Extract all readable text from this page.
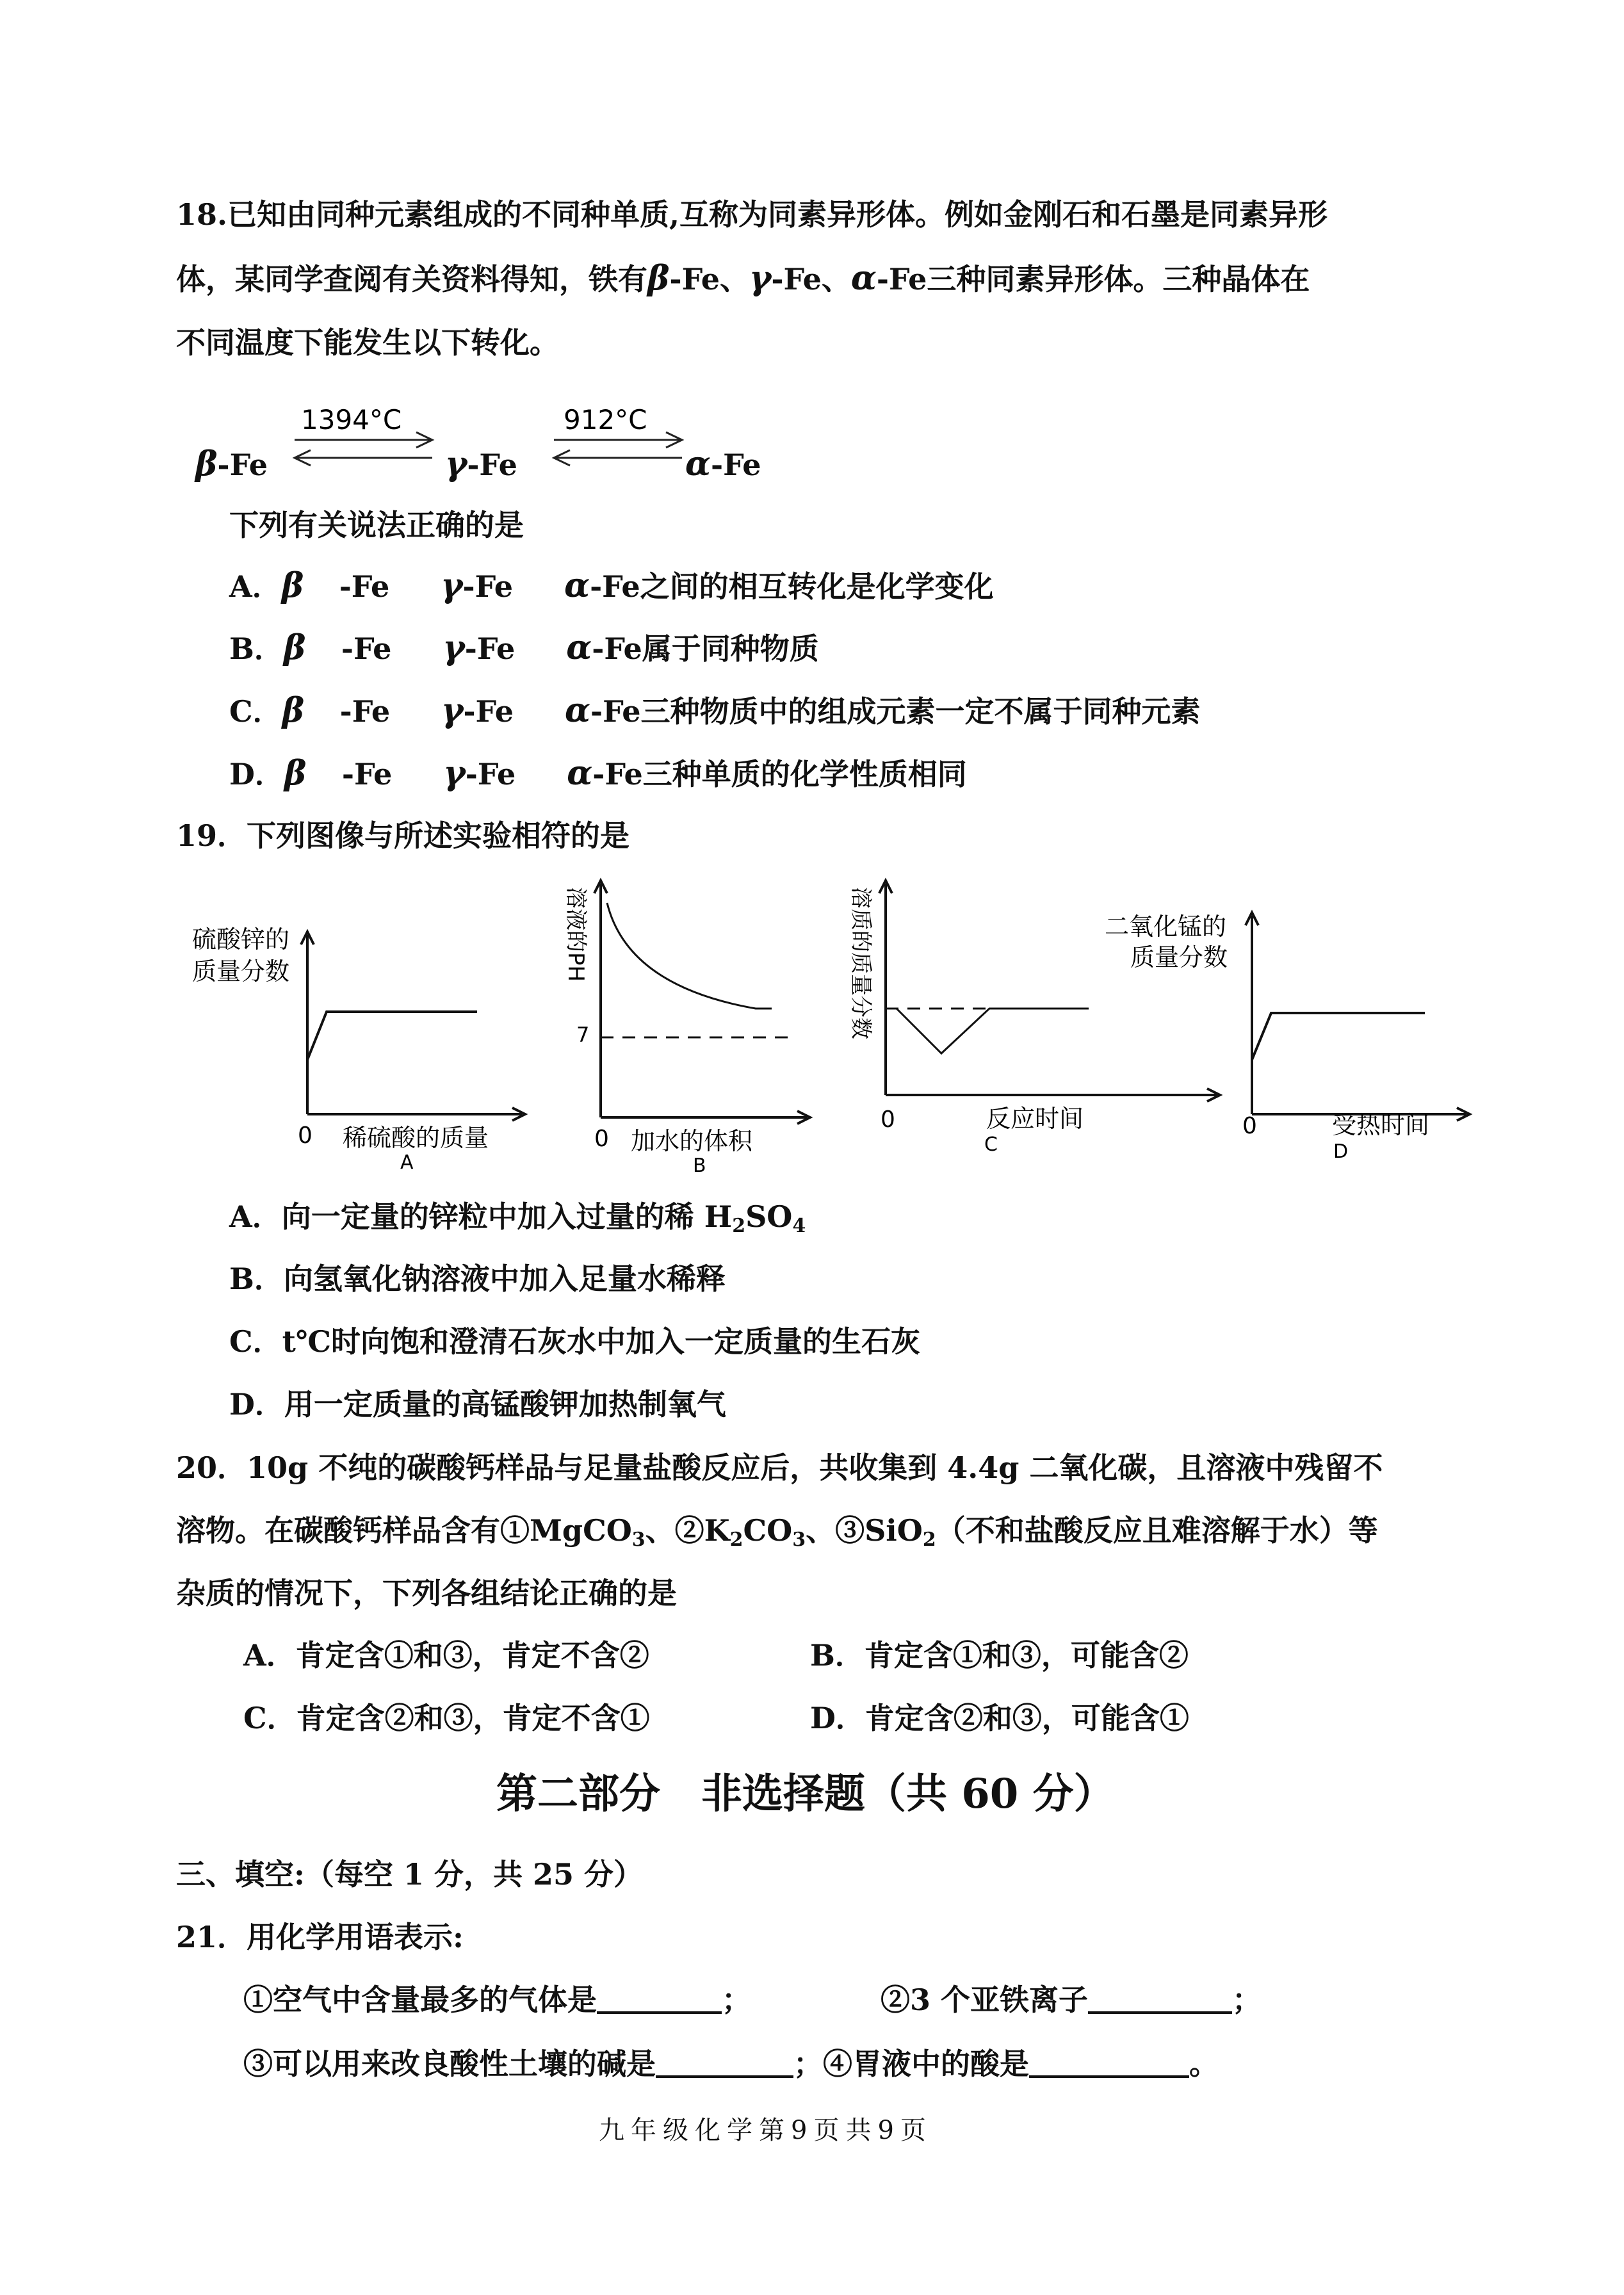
18.已知由同种元素组成的不同种单质,互称为同素异形体。例如金刚石和石墨是同素异形
体，某同学查阅有关资料得知，铁有β-Fe、γ-Fe、α-Fe三种同素异形体。三种晶体在
不同温度下能发生以下转化。
β-Fe	γ-Fe	α-Fe
1394°C	912°C
下列有关说法正确的是
A．β -Fe γ-Fe α-Fe之间的相互转化是化学变化
B．β -Fe γ-Fe α-Fe属于同种物质
C．β -Fe γ-Fe α-Fe三种物质中的组成元素一定不属于同种元素
D．β -Fe γ-Fe α-Fe三种单质的化学性质相同
19．下列图像与所述实验相符的是
硫酸锌的
质量分数
0 稀硫酸的质量
A
7
溶液的PH
0 加水的体积
B
溶质的质量分数
0	反应时间
C
二氧化锰的
质量分数
0	受热时间
D
A．向一定量的锌粒中加入过量的稀 $H_2SO_4$
B．向氢氧化钠溶液中加入足量水稀释
C．t℃时向饱和澄清石灰水中加入一定质量的生石灰
D．用一定质量的高锰酸钾加热制氧气
20．10g 不纯的碳酸钙样品与足量盐酸反应后，共收集到 4.4g 二氧化碳，且溶液中残留不
溶物。在碳酸钙样品含有①MgCO$_3$、$②K_2CO_3$、③SiO$_2$（不和盐酸反应且难溶解于水）等
杂质的情况下，下列各组结论正确的是
A．肯定含①和③，肯定不含②	B．肯定含①和③，可能含②
C．肯定含②和③，肯定不含①	D．肯定含②和③，可能含①
第二部分　非选择题（共 60 分）
三、填空:（每空 1 分，共 25 分）
21．用化学用语表示:
①空气中含量最多的气体是	；	②3 个亚铁离子	；
③可以用来改良酸性土壤的碱是	；④胃液中的酸是	。
九年级化学第9页共9页
